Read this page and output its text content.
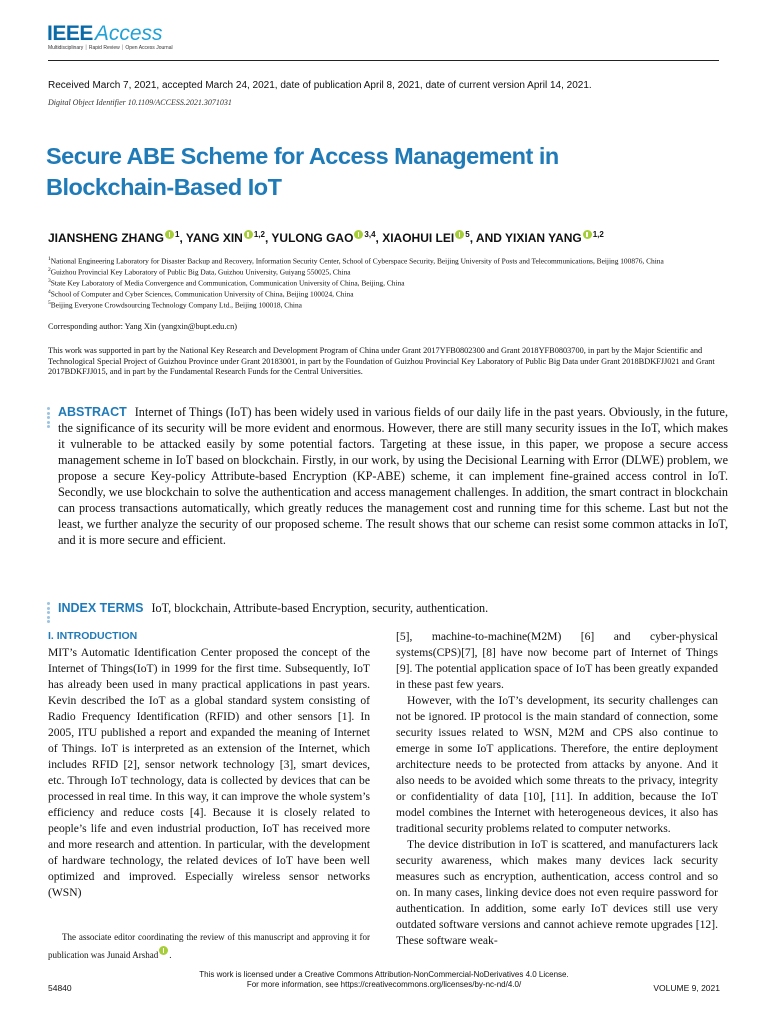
IEEE Access
Multidisciplinary ⏐ Rapid Review ⏐ Open Access Journal
Received March 7, 2021, accepted March 24, 2021, date of publication April 8, 2021, date of current version April 14, 2021.
Digital Object Identifier 10.1109/ACCESS.2021.3071031
Secure ABE Scheme for Access Management in Blockchain-Based IoT
JIANSHENG ZHANG $^1$, YANG XIN $^{1,2}$, YULONG GAO $^{3,4}$, XIAOHUI LEI $^5$, AND YIXIAN YANG $^{1,2}$
$^1$National Engineering Laboratory for Disaster Backup and Recovery, Information Security Center, School of Cyberspace Security, Beijing University of Posts and Telecommunications, Beijing 100876, China
$^2$Guizhou Provincial Key Laboratory of Public Big Data, Guizhou University, Guiyang 550025, China
$^3$State Key Laboratory of Media Convergence and Communication, Communication University of China, Beijing, China
$^4$School of Computer and Cyber Sciences, Communication University of China, Beijing 100024, China
$^5$Beijing Everyone Crowdsourcing Technology Company Ltd., Beijing 100018, China
Corresponding author: Yang Xin (yangxin@bupt.edu.cn)
This work was supported in part by the National Key Research and Development Program of China under Grant 2017YFB0802300 and Grant 2018YFB0803700, in part by the Major Scientific and Technological Special Project of Guizhou Province under Grant 20183001, in part by the Foundation of Guizhou Provincial Key Laboratory of Public Big Data under Grant 2018BDKFJJ021 and Grant 2017BDKFJJ015, and in part by the Fundamental Research Funds for the Central Universities.
ABSTRACT Internet of Things (IoT) has been widely used in various fields of our daily life in the past years. Obviously, in the future, the significance of its security will be more evident and enormous. However, there are still many security issues in the IoT, which makes it vulnerable to be attacked easily by some potential factors. Targeting at these issue, in this paper, we propose a secure access management scheme in IoT based on blockchain. Firstly, in our work, by using the Decisional Learning with Error (DLWE) problem, we propose a secure Key-policy Attribute-based Encryption (KP-ABE) scheme, it can implement fine-grained access control in IoT. Secondly, we use blockchain to solve the authentication and access management challenges. In addition, the smart contract in blockchain can process transactions automatically, which greatly reduces the management cost and running time for this scheme. Last but not the least, we further analyze the security of our proposed scheme. The result shows that our scheme can resist some common attacks in IoT, and it is more secure and efficient.
INDEX TERMS IoT, blockchain, Attribute-based Encryption, security, authentication.
I. INTRODUCTION

MIT’s Automatic Identification Center proposed the concept of the Internet of Things(IoT) in 1999 for the first time. Subsequently, IoT has already been used in many practical applications in past years. Kevin described the IoT as a global standard system consisting of Radio Frequency Identification (RFID) and other sensors [1]. In 2005, ITU published a report and expanded the meaning of Internet of Things. IoT is interpreted as an extension of the Internet, which includes RFID [2], sensor network technology [3], smart devices, etc. Through IoT technology, data is collected by devices that can be processed in real time. In this way, it can improve the whole system’s efficiency and reduce costs [4]. Because it is closely related to people’s life and even industrial production, IoT has received more and more research and attention. In particular, with the development of hardware technology, the related devices of IoT have been well optimized and improved. Especially wireless sensor networks (WSN)

[5], machine-to-machine(M2M) [6] and cyber-physical systems(CPS)[7], [8] have now become part of Internet of Things [9]. The potential application space of IoT has been greatly expanded in these past few years.

However, with the IoT’s development, its security challenges can not be ignored. IP protocol is the main standard of connection, some security issues related to WSN, M2M and CPS also continue to emerge in some IoT applications. Therefore, the entire deployment architecture needs to be protected from attacks by anyone. And it also needs to be avoided which some threats to the privacy, integrity or confidentiality of data [10], [11]. In addition, because the IoT model combines the Internet with heterogeneous devices, it also has traditional security problems related to computer networks.

The device distribution in IoT is scattered, and manufacturers lack security awareness, which makes many devices lack security measures such as encryption, authentication, access control and so on. In many cases, linking device does not even require password for authentication. In addition, some early IoT devices still use very outdated software versions and cannot achieve remote upgrades [12]. These software weak-

The associate editor coordinating the review of this manuscript and approving it for publication was Junaid Arshad .
This work is licensed under a Creative Commons Attribution-NonCommercial-NoDerivatives 4.0 License.
For more information, see https://creativecommons.org/licenses/by-nc-nd/4.0/
54840	VOLUME 9, 2021
